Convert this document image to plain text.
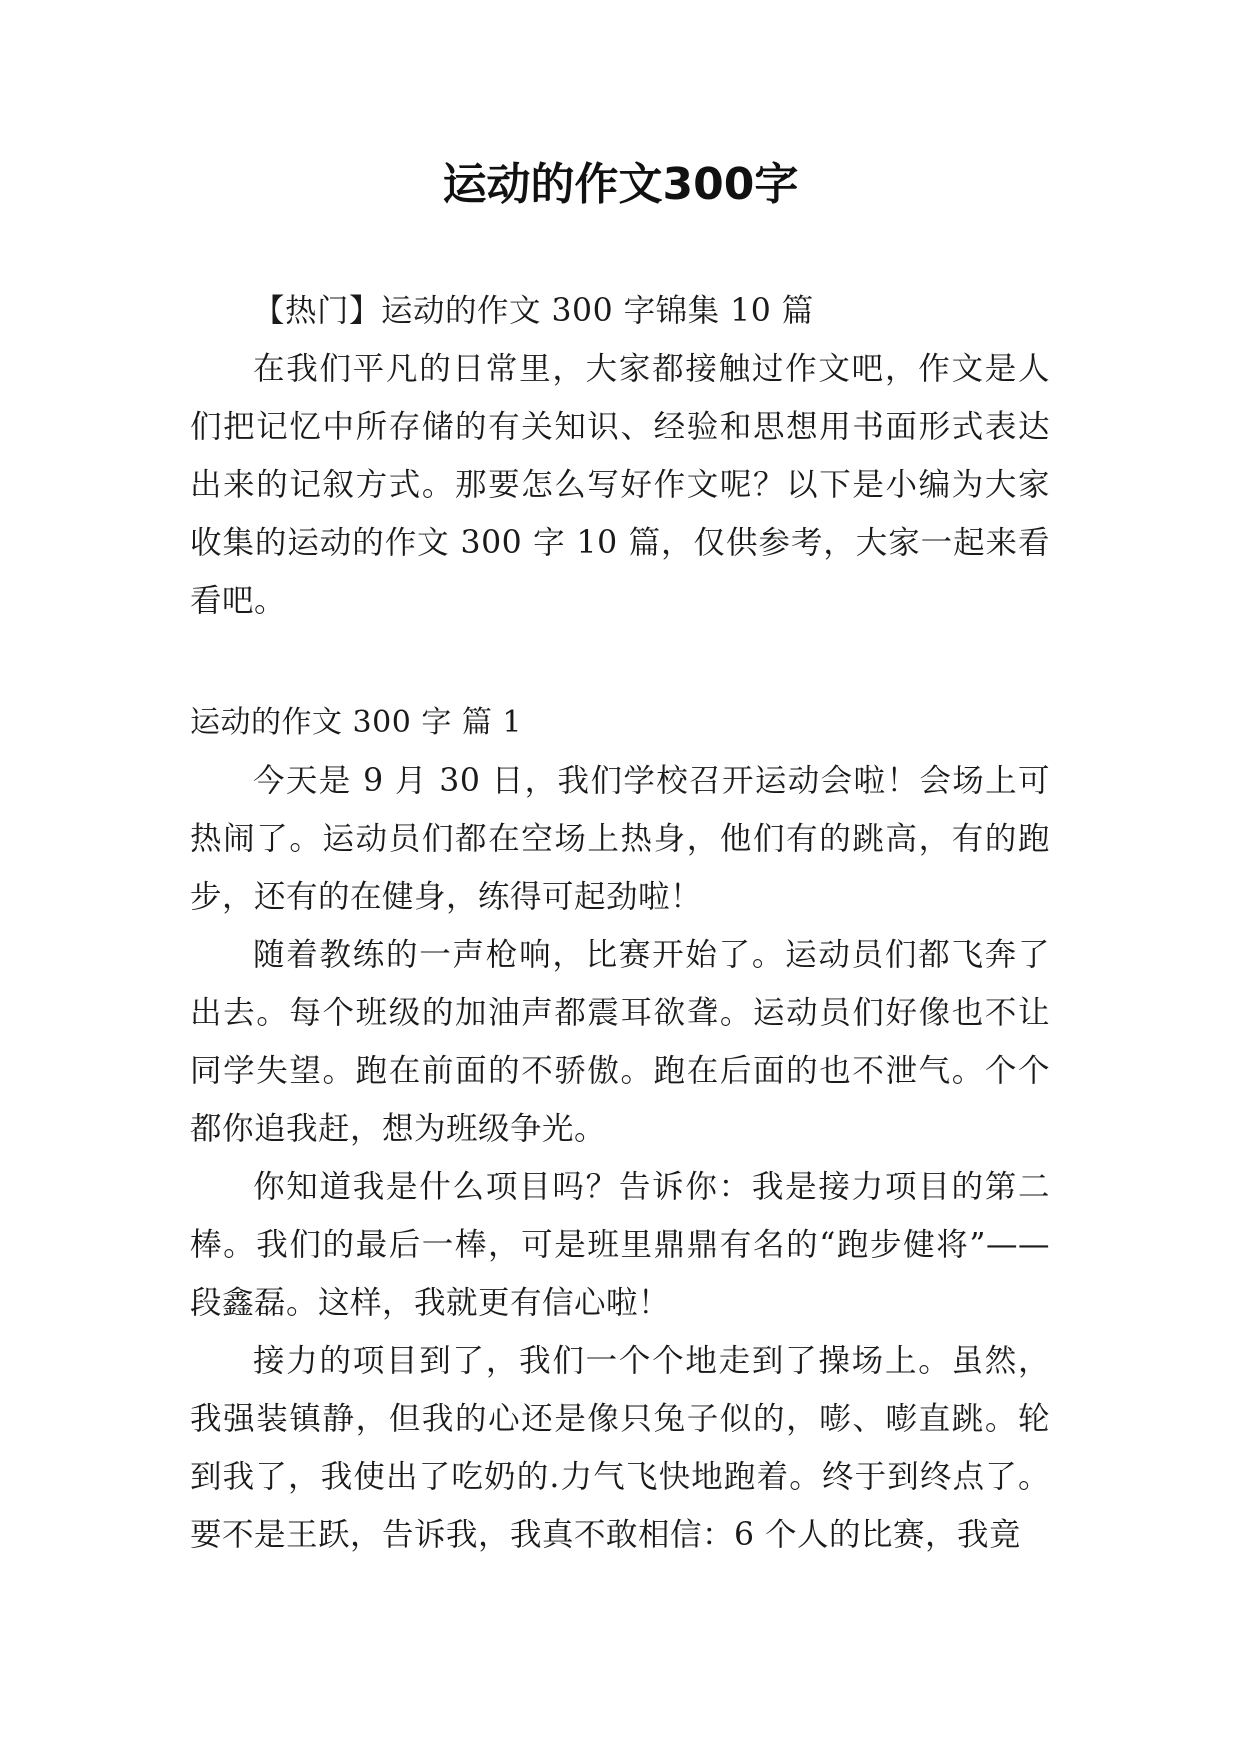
运动的作文300字

【热门】运动的作文 300 字锦集 10 篇

在我们平凡的日常里，大家都接触过作文吧，作文是人们把记忆中所存储的有关知识、经验和思想用书面形式表达出来的记叙方式。那要怎么写好作文呢？以下是小编为大家收集的运动的作文 300 字 10 篇，仅供参考，大家一起来看看吧。

运动的作文 300 字 篇 1

今天是 9 月 30 日，我们学校召开运动会啦！会场上可热闹了。运动员们都在空场上热身，他们有的跳高，有的跑步，还有的在健身，练得可起劲啦！

随着教练的一声枪响，比赛开始了。运动员们都飞奔了出去。每个班级的加油声都震耳欲聋。运动员们好像也不让同学失望。跑在前面的不骄傲。跑在后面的也不泄气。个个都你追我赶，想为班级争光。

你知道我是什么项目吗？告诉你：我是接力项目的第二棒。我们的最后一棒，可是班里鼎鼎有名的“跑步健将”——段鑫磊。这样，我就更有信心啦！

接力的项目到了，我们一个个地走到了操场上。虽然，我强装镇静，但我的心还是像只兔子似的，嘭、嘭直跳。轮到我了，我使出了吃奶的.力气飞快地跑着。终于到终点了。要不是王跃，告诉我，我真不敢相信：6 个人的比赛，我竟
